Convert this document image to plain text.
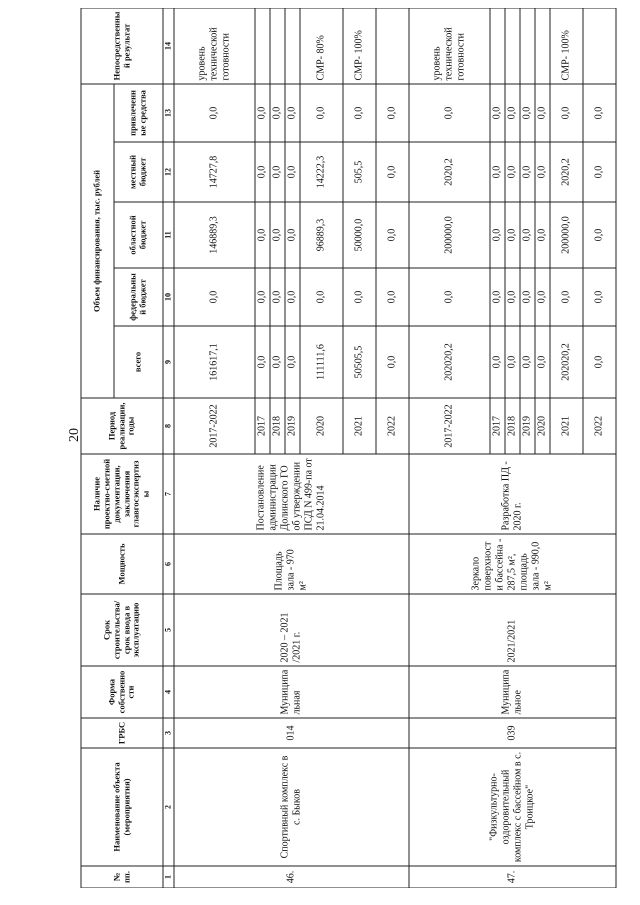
20
№ пп.	Наименование объекта (мероприятия)	ГРБС	Форма собственности	Срок строительства/срок ввода в эксплуатацию	Мощность	Наличие проектно-сметной документации, заключения главгосэкспертизы	Период реализации, годы	Объем финансирования, тыс. рублей					Непосредственный результат
								всего	федеральный бюджет	областной бюджет	местный бюджет	привлеченные средства	
1	2	3	4	5	6	7	8	9	10	11	12	13	14
46.	Спортивный комплекс в с. Быков	014	Муниципальная	2020 – 2021 /2021 г.	Площадь зала - 970 м²	Постановление администрации Долинского ГО об утверждении ПСД N 499-па от 21.04.2014	2017-2022	161617,1	0,0	146889,3	14727,8	0,0	уровень технической готовности
							2017	0,0	0,0	0,0	0,0	0,0	
							2018	0,0	0,0	0,0	0,0	0,0	
							2019	0,0	0,0	0,0	0,0	0,0	
							2020	111111,6	0,0	96889,3	14222,3	0,0	СМР- 80%
							2021	50505,5	0,0	50000,0	505,5	0,0	СМР- 100%
							2022	0,0	0,0	0,0	0,0	0,0	
47.	"Физкультурно-оздоровительный комплекс с бассейном в с. Троицкое"	039	Муниципальное	2021/2021	Зеркало поверхности бассейна - 287,5 м², площадь зала - 990,0 м²	Разработка ПД - 2020 г.	2017-2022	202020,2	0,0	200000,0	2020,2	0,0	уровень технической готовности
							2017	0,0	0,0	0,0	0,0	0,0	
							2018	0,0	0,0	0,0	0,0	0,0	
							2019	0,0	0,0	0,0	0,0	0,0	
							2020	0,0	0,0	0,0	0,0	0,0	
							2021	202020,2	0,0	200000,0	2020,2	0,0	СМР- 100%
							2022	0,0	0,0	0,0	0,0	0,0	
